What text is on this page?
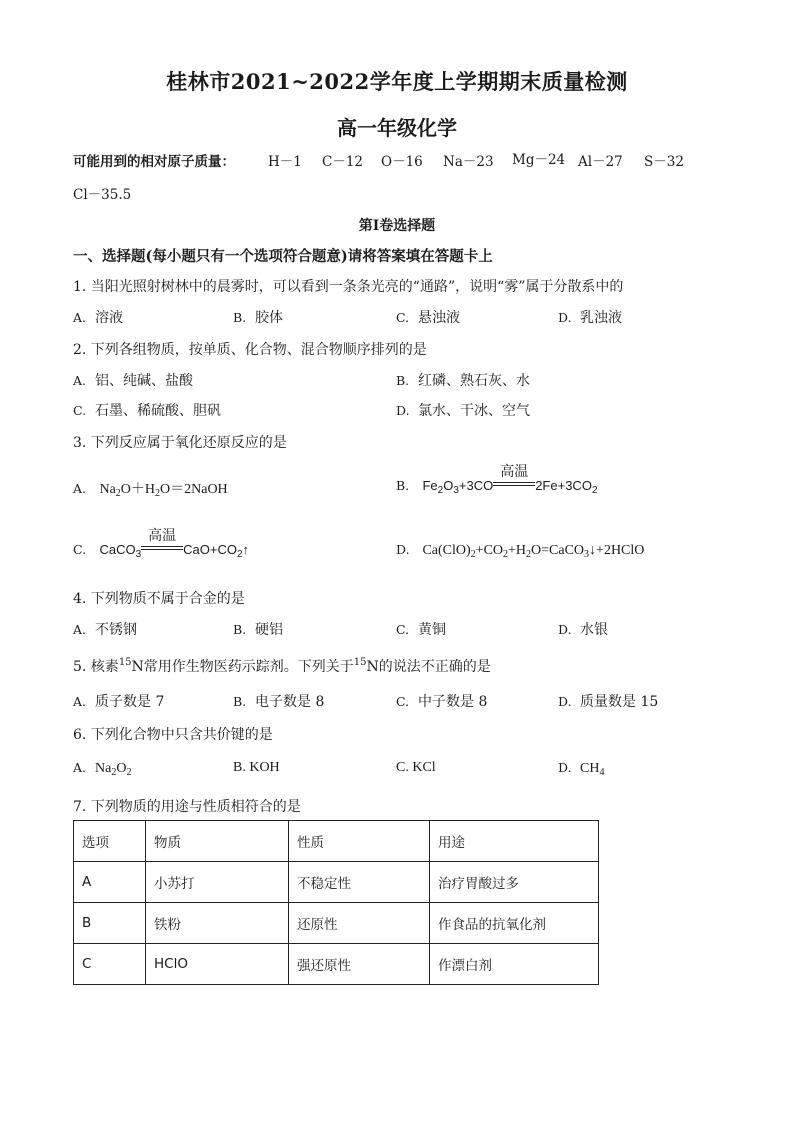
桂林市2021~2022学年度上学期期末质量检测
高一年级化学
可能用到的相对原子质量： H－1 C－12 O－16 Na－23 Mg－24 Al－27 S－32
Cl－35.5
第Ⅰ卷选择题
一、选择题(每小题只有一个选项符合题意)请将答案填在答题卡上
1. 当阳光照射树林中的晨雾时，可以看到一条条光亮的“通路”，说明“雾”属于分散系中的
A. 溶液	B. 胶体	C. 悬浊液	D. 乳浊液
2. 下列各组物质，按单质、化合物、混合物顺序排列的是
A. 铝、纯碱、盐酸	B. 红磷、熟石灰、水
C. 石墨、稀硫酸、胆矾	D. 氯水、干冰、空气
3. 下列反应属于氧化还原反应的是
A. $Na_2O+H_2O=2NaOH$	B. $Fe_2O_3+3CO$
高温
$2Fe+3CO_2$
C. CaCO$_3$
高温
$CaO+CO_2↑$	D. $Ca(ClO)_2+CO_2+H_2O=CaCO_3↓+2HClO$
4. 下列物质不属于合金的是
A. 不锈钢	B. 硬铝	C. 黄铜	D. 水银
5. 核素$^{15}$N常用作生物医药示踪剂。下列关于$^{15}$N的说法不正确的是
A. 质子数是 7	B. 电子数是 8	C. 中子数是 8	D. 质量数是 15
6. 下列化合物中只含共价键的是
A. $Na_2O_2$	B. KOH	C. KCl	D. $CH_4$
7. 下列物质的用途与性质相符合的是
选项	物质	性质	用途
A	小苏打	不稳定性	治疗胃酸过多
B	铁粉	还原性	作食品的抗氧化剂
C	HClO	强还原性	作漂白剂
